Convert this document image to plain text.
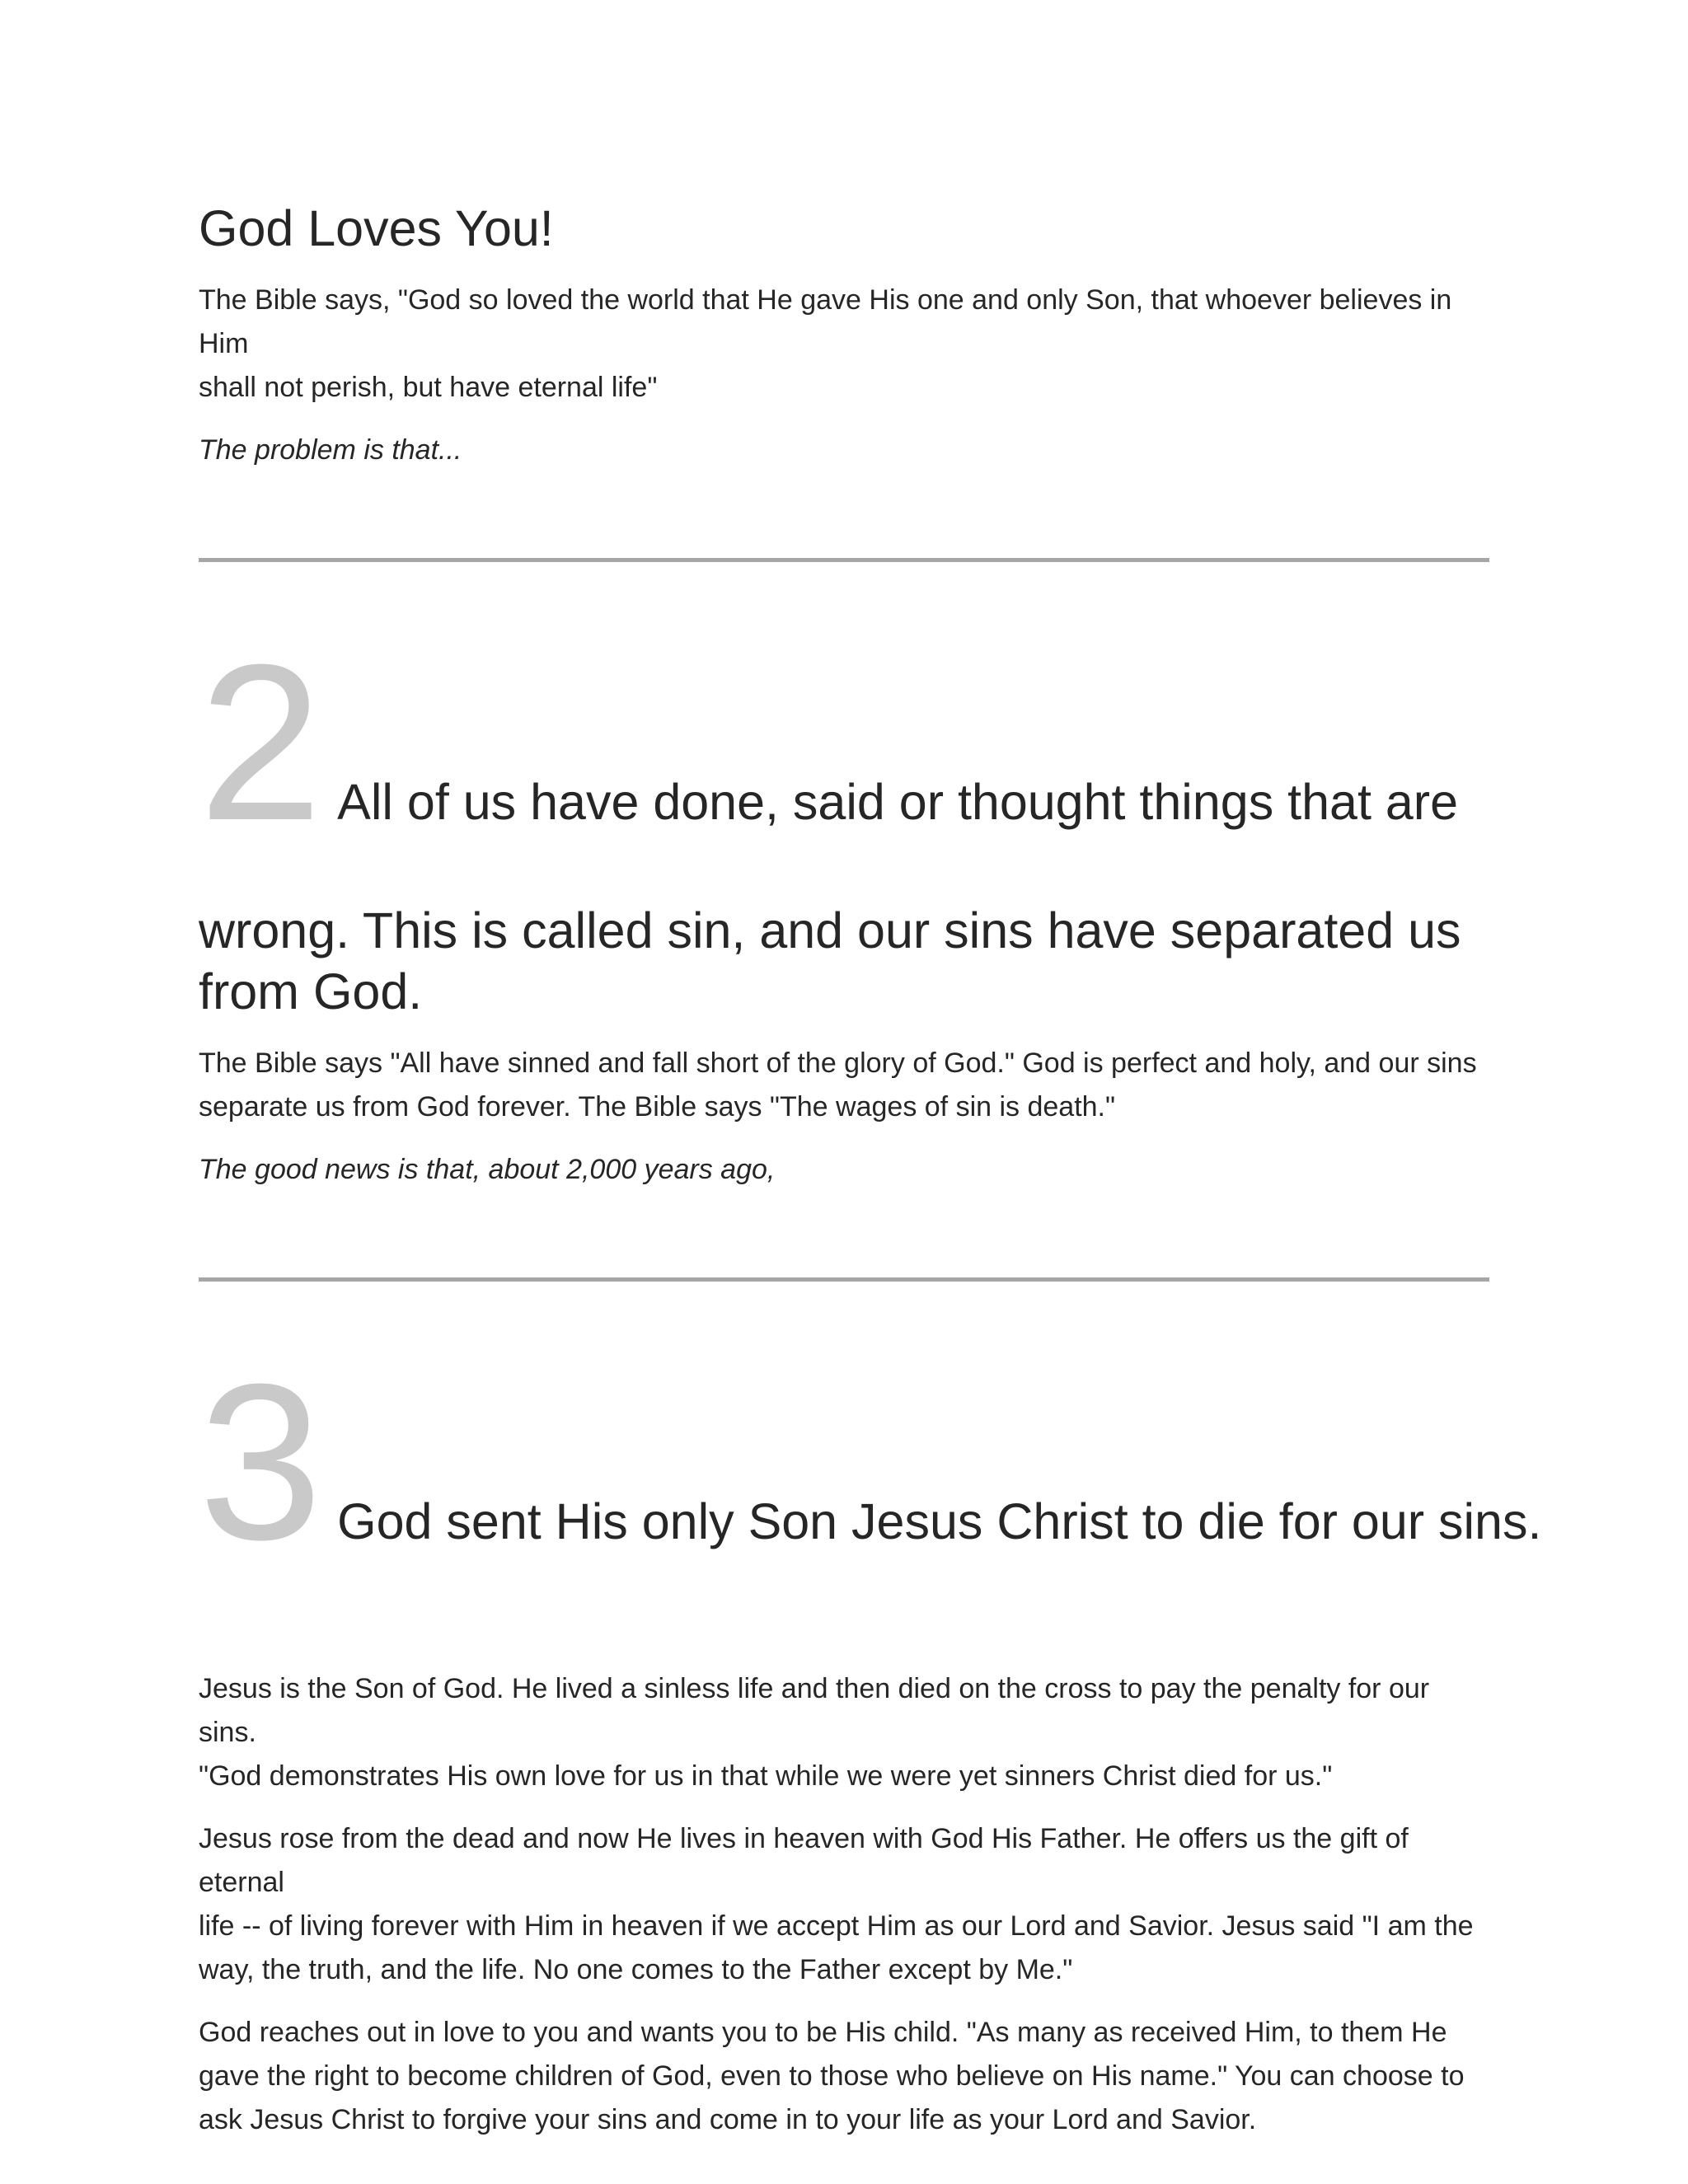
God Loves You!

The Bible says, "God so loved the world that He gave His one and only Son, that whoever believes in Him
shall not perish, but have eternal life"

The problem is that...

2 All of us have done, said or thought things that are
wrong. This is called sin, and our sins have separated us
from God.

The Bible says "All have sinned and fall short of the glory of God." God is perfect and holy, and our sins
separate us from God forever. The Bible says "The wages of sin is death."

The good news is that, about 2,000 years ago,

3 God sent His only Son Jesus Christ to die for our sins.

Jesus is the Son of God. He lived a sinless life and then died on the cross to pay the penalty for our sins.
"God demonstrates His own love for us in that while we were yet sinners Christ died for us."

Jesus rose from the dead and now He lives in heaven with God His Father. He offers us the gift of eternal
life -- of living forever with Him in heaven if we accept Him as our Lord and Savior. Jesus said "I am the
way, the truth, and the life. No one comes to the Father except by Me."

God reaches out in love to you and wants you to be His child. "As many as received Him, to them He
gave the right to become children of God, even to those who believe on His name." You can choose to
ask Jesus Christ to forgive your sins and come in to your life as your Lord and Savior.
